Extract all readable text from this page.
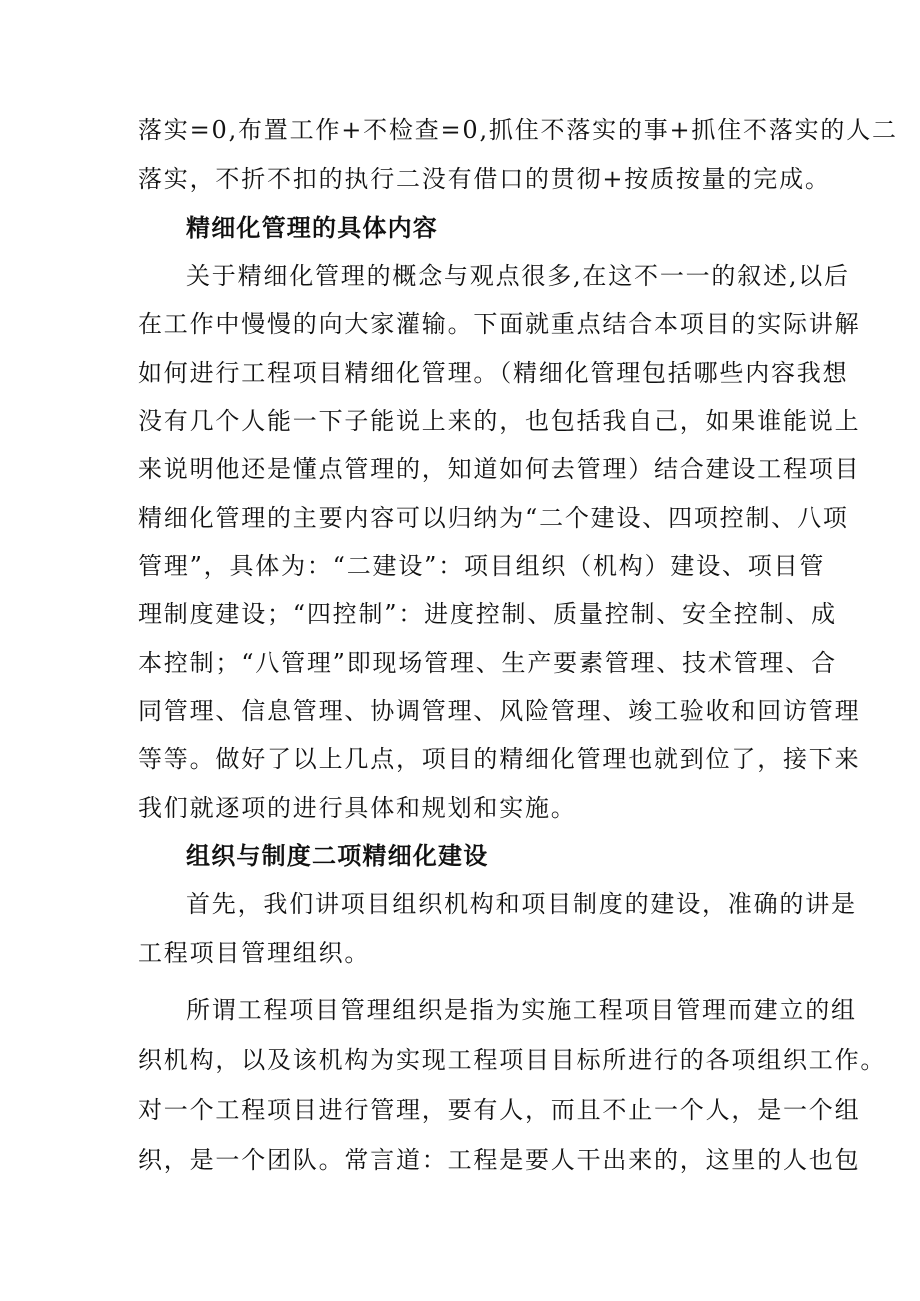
落实=0,布置工作+不检查=0,抓住不落实的事+抓住不落实的人二
落实，不折不扣的执行二没有借口的贯彻+按质按量的完成。
精细化管理的具体内容
关于精细化管理的概念与观点很多,在这不一一的叙述,以后
在工作中慢慢的向大家灌输。下面就重点结合本项目的实际讲解
如何进行工程项目精细化管理。（精细化管理包括哪些内容我想
没有几个人能一下子能说上来的，也包括我自己，如果谁能说上
来说明他还是懂点管理的，知道如何去管理）结合建设工程项目
精细化管理的主要内容可以归纳为“二个建设、四项控制、八项
管理”，具体为：“二建设”：项目组织（机构）建设、项目管
理制度建设；“四控制”：进度控制、质量控制、安全控制、成
本控制；“八管理”即现场管理、生产要素管理、技术管理、合
同管理、信息管理、协调管理、风险管理、竣工验收和回访管理
等等。做好了以上几点，项目的精细化管理也就到位了，接下来
我们就逐项的进行具体和规划和实施。
组织与制度二项精细化建设
首先，我们讲项目组织机构和项目制度的建设，准确的讲是
工程项目管理组织。
所谓工程项目管理组织是指为实施工程项目管理而建立的组
织机构，以及该机构为实现工程项目目标所进行的各项组织工作。
对一个工程项目进行管理，要有人，而且不止一个人，是一个组
织，是一个团队。常言道：工程是要人干出来的，这里的人也包
